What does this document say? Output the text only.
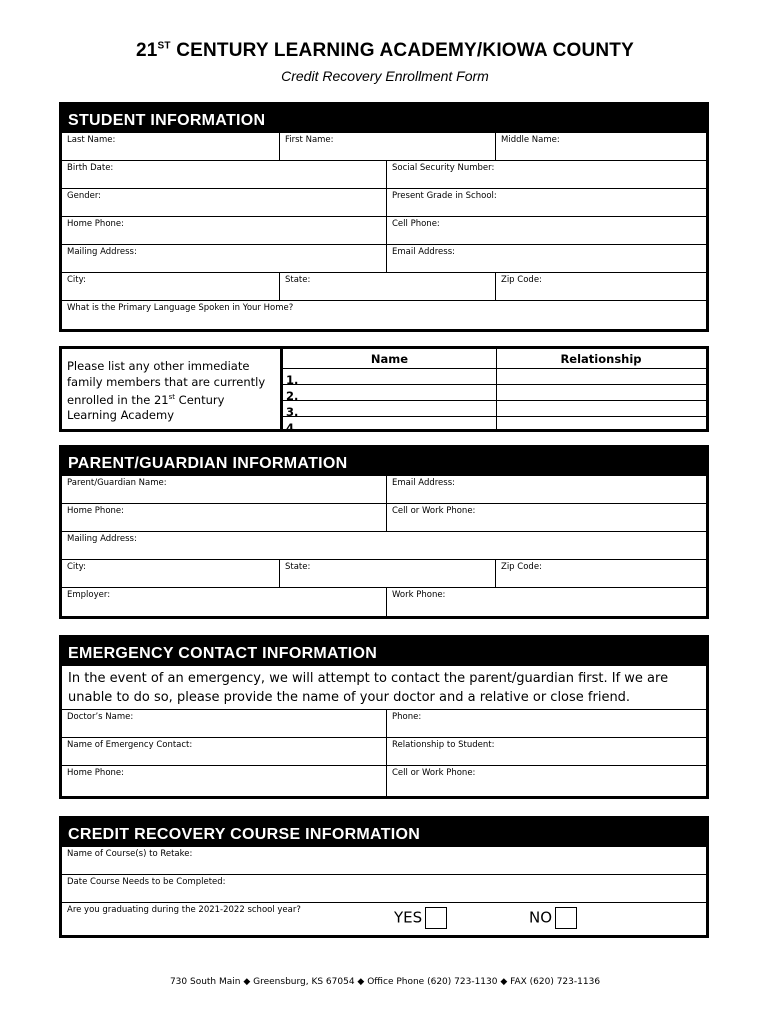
21ST CENTURY LEARNING ACADEMY/KIOWA COUNTY
Credit Recovery Enrollment Form
STUDENT INFORMATION
Last Name:	First Name:	Middle Name:
Birth Date:	Social Security Number:
Gender:	Present Grade in School:
Home Phone:	Cell Phone:
Mailing Address:	Email Address:
City:	State:	Zip Code:
What is the Primary Language Spoken in Your Home?
Please list any other immediate family members that are currently enrolled in the 21st Century Learning Academy
Name	Relationship
1.
2.
3.
4.
PARENT/GUARDIAN INFORMATION
Parent/Guardian Name:	Email Address:
Home Phone:	Cell or Work Phone:
Mailing Address:
City:	State:	Zip Code:
Employer:	Work Phone:
EMERGENCY CONTACT INFORMATION
In the event of an emergency, we will attempt to contact the parent/guardian first. If we are unable to do so, please provide the name of your doctor and a relative or close friend.
Doctor’s Name:	Phone:
Name of Emergency Contact:	Relationship to Student:
Home Phone:	Cell or Work Phone:
CREDIT RECOVERY COURSE INFORMATION
Name of Course(s) to Retake:
Date Course Needs to be Completed:
Are you graduating during the 2021-2022 school year?	YES	NO
730 South Main ◆ Greensburg, KS 67054 ◆ Office Phone (620) 723-1130 ◆ FAX (620) 723-1136
